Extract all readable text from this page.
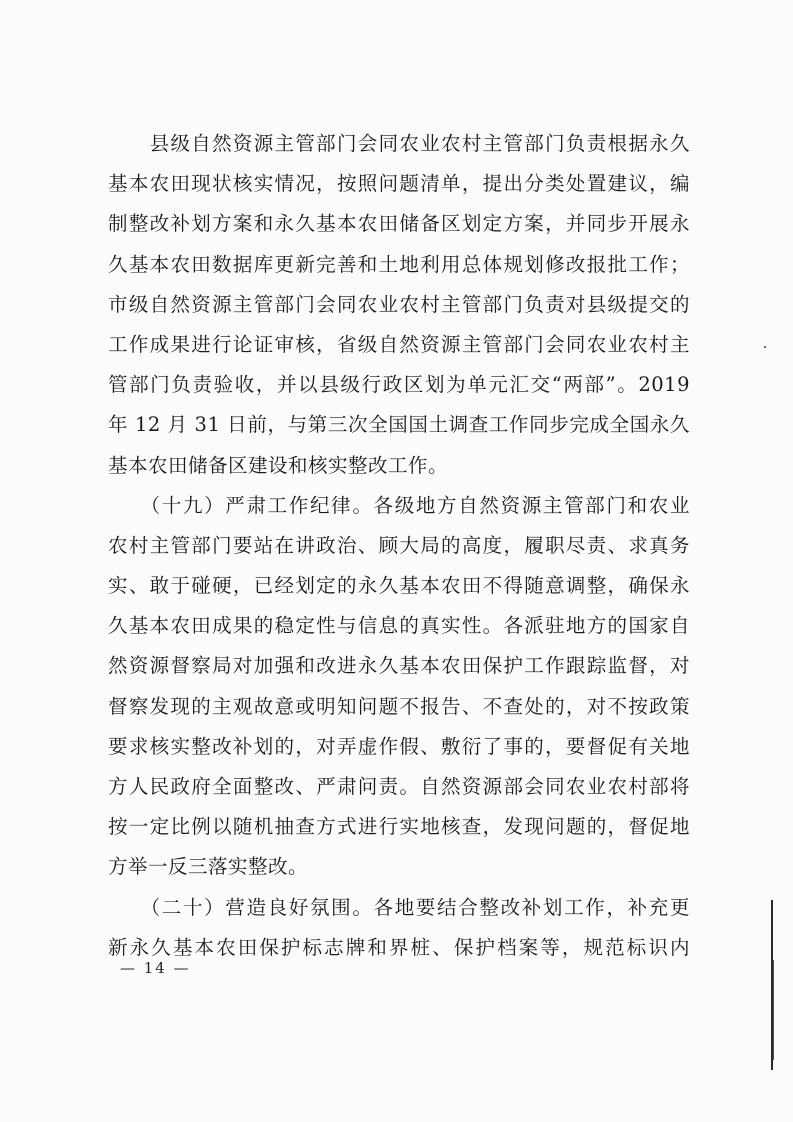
　　县级自然资源主管部门会同农业农村主管部门负责根据永久
基本农田现状核实情况，按照问题清单，提出分类处置建议，编
制整改补划方案和永久基本农田储备区划定方案，并同步开展永
久基本农田数据库更新完善和土地利用总体规划修改报批工作；
市级自然资源主管部门会同农业农村主管部门负责对县级提交的
工作成果进行论证审核，省级自然资源主管部门会同农业农村主
管部门负责验收，并以县级行政区划为单元汇交“两部”。2019
年 12 月 31 日前，与第三次全国国土调查工作同步完成全国永久
基本农田储备区建设和核实整改工作。
　　（十九）严肃工作纪律。各级地方自然资源主管部门和农业
农村主管部门要站在讲政治、顾大局的高度，履职尽责、求真务
实、敢于碰硬，已经划定的永久基本农田不得随意调整，确保永
久基本农田成果的稳定性与信息的真实性。各派驻地方的国家自
然资源督察局对加强和改进永久基本农田保护工作跟踪监督，对
督察发现的主观故意或明知问题不报告、不查处的，对不按政策
要求核实整改补划的，对弄虚作假、敷衍了事的，要督促有关地
方人民政府全面整改、严肃问责。自然资源部会同农业农村部将
按一定比例以随机抽查方式进行实地核查，发现问题的，督促地
方举一反三落实整改。
　　（二十）营造良好氛围。各地要结合整改补划工作，补充更
新永久基本农田保护标志牌和界桩、保护档案等，规范标识内
— 14 —
